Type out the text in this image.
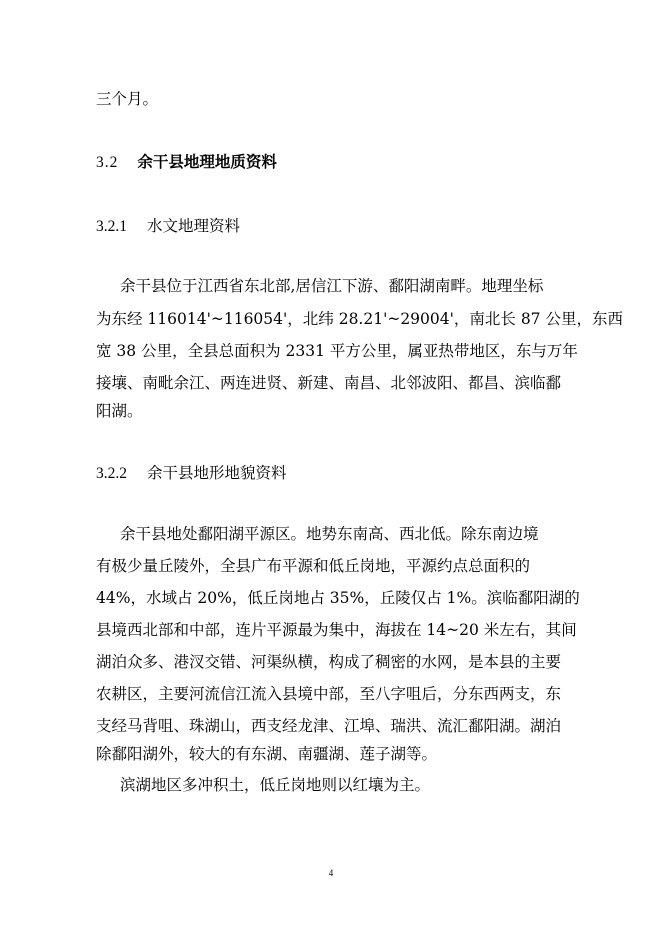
三个月。
3.2 余干县地理地质资料
3.2.1 水文地理资料
余干县位于江西省东北部,居信江下游、鄱阳湖南畔。地理坐标
为东经 116014'~116054'，北纬 28.21'~29004'，南北长 87 公里，东西
宽 38 公里，全县总面积为 2331 平方公里，属亚热带地区，东与万年
接壤、南毗余江、两连进贤、新建、南昌、北邻波阳、都昌、滨临鄱
阳湖。
3.2.2 余干县地形地貌资料
余干县地处鄱阳湖平源区。地势东南高、西北低。除东南边境
有极少量丘陵外，全县广布平源和低丘岗地，平源约点总面积的
44%，水域占 20%，低丘岗地占 35%，丘陵仅占 1%。滨临鄱阳湖的
县境西北部和中部，连片平源最为集中，海拔在 14~20 米左右，其间
湖泊众多、港汊交错、河渠纵横，构成了稠密的水网，是本县的主要
农耕区，主要河流信江流入县境中部，至八字咀后，分东西两支，东
支经马背咀、珠湖山，西支经龙津、江埠、瑞洪、流汇鄱阳湖。湖泊
除鄱阳湖外，较大的有东湖、南疆湖、莲子湖等。
滨湖地区多冲积土，低丘岗地则以红壤为主。
4
